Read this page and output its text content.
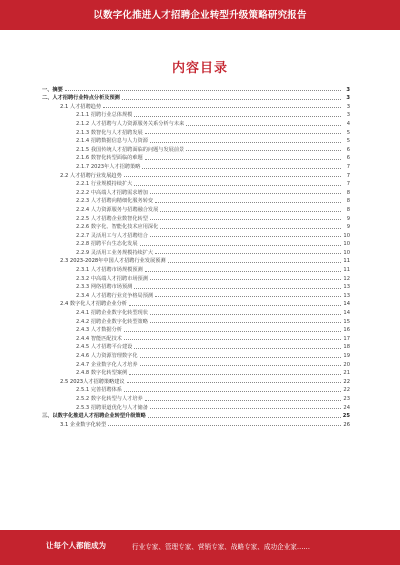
以数字化推进人才招聘企业转型升级策略研究报告
内容目录
一、摘要	3
二、人才招聘行业特点分析及预测	3
2.1 人才招聘趋势	3
2.1.1 招聘行业总体规模	3
2.1.2 人才招聘与人力资源服务关系分析与未来	4
2.1.3 数智化与人才招聘发展	5
2.1.4 招聘数据信息与人力资源	5
2.1.5 我国传统人才招聘面临的问题与发展前景	6
2.1.6 数智化转型面临的难题	6
2.1.7 2023年人才招聘策略	7
2.2 人才招聘行业发展趋势	7
2.2.1 行业规模持续扩大	7
2.2.2 中高端人才招聘需求增加	8
2.2.3 人才招聘向精细化服务转变	8
2.2.4 人力资源服务与招聘融合发展	8
2.2.5 人才招聘企业数智化转型	9
2.2.6 数字化、智能化技术应用深化	9
2.2.7 灵活用工与人才招聘结合	10
2.2.8 招聘平台生态化发展	10
2.2.9 灵活用工业务规模持续扩大	10
2.3 2023-2028年中国人才招聘行业发展预测	11
2.3.1 人才招聘市场规模预测	11
2.3.2 中高端人才招聘市场预测	12
2.3.3 网络招聘市场预测	13
2.3.4 人才招聘行业竞争格局预测	13
2.4 数字化人才招聘企业分析	14
2.4.1 招聘企业数字化转型现状	14
2.4.2 招聘企业数字化转型策略	15
2.4.3 人才数据分析	16
2.4.4 智能匹配技术	17
2.4.5 人才招聘平台建设	18
2.4.6 人力资源管理数字化	19
2.4.7 企业数字化人才培养	20
2.4.8 数字化转型案例	21
2.5 2023人才招聘策略建议	22
2.5.1 完善招聘体系	22
2.5.2 数字化转型与人才培养	23
2.5.3 招聘渠道优化与人才储备	24
三、以数字化推进人才招聘企业转型升级策略	25
3.1 企业数字化转型	26
让每个人都能成为	行业专家、管理专家、营销专家、战略专家、成功企业家……
